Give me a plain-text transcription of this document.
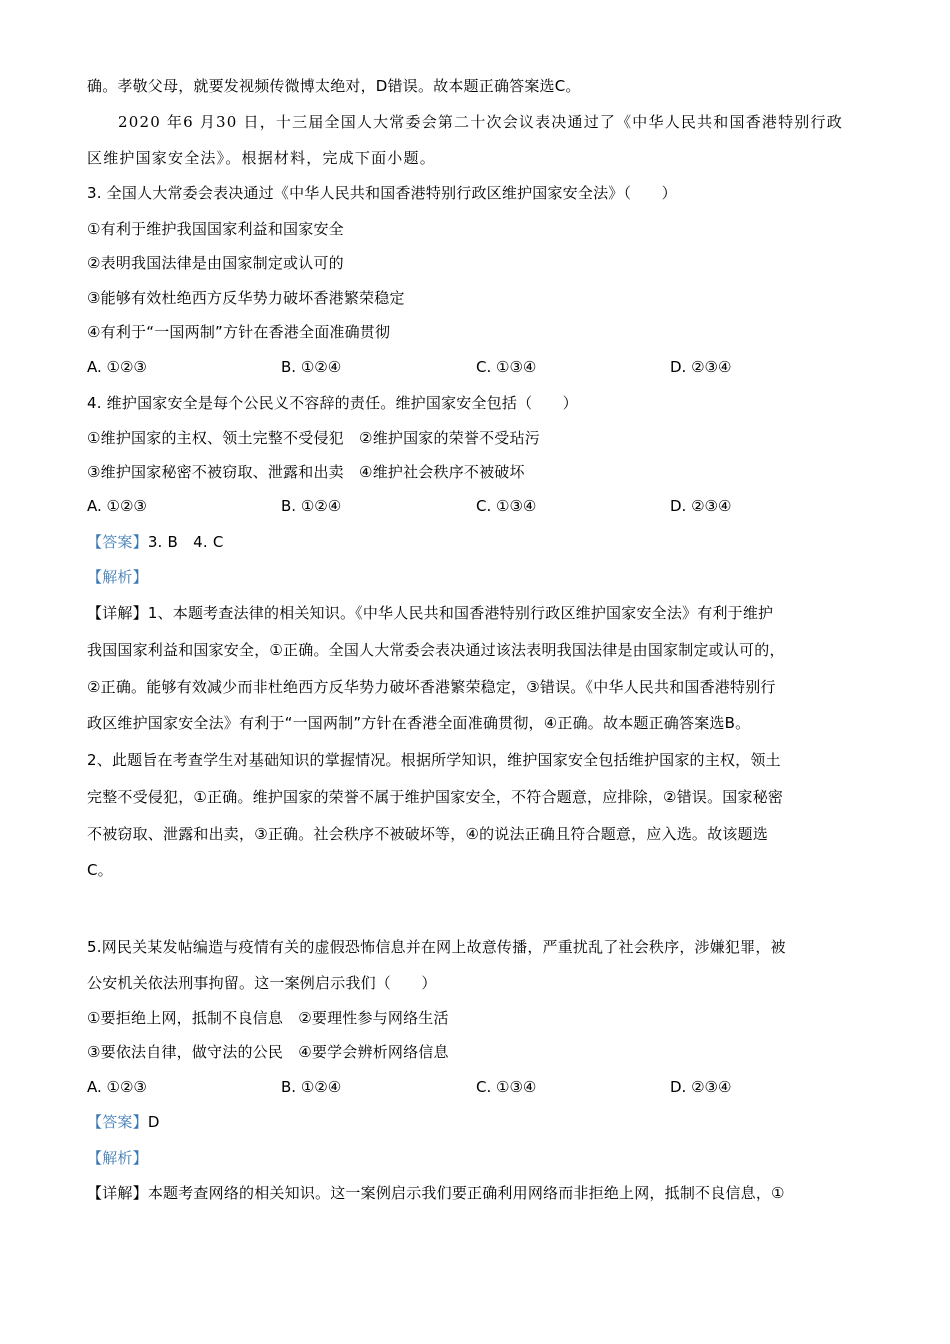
确。孝敬父母，就要发视频传微博太绝对，D错误。故本题正确答案选C。
2020 年6 月30 日，十三届全国人大常委会第二十次会议表决通过了《中华人民共和国香港特别行政
区维护国家安全法》。根据材料，完成下面小题。
3. 全国人大常委会表决通过《中华人民共和国香港特别行政区维护国家安全法》（　　）
①有利于维护我国国家利益和国家安全
②表明我国法律是由国家制定或认可的
③能够有效杜绝西方反华势力破坏香港繁荣稳定
④有利于“一国两制”方针在香港全面准确贯彻
A. ①②③	B. ①②④	C. ①③④	D. ②③④
4. 维护国家安全是每个公民义不容辞的责任。维护国家安全包括（　　）
①维护国家的主权、领土完整不受侵犯　②维护国家的荣誉不受玷污
③维护国家秘密不被窃取、泄露和出卖　④维护社会秩序不被破坏
A. ①②③	B. ①②④	C. ①③④	D. ②③④
【答案】3. B　4. C
【解析】
【详解】1、本题考查法律的相关知识。《中华人民共和国香港特别行政区维护国家安全法》有利于维护
我国国家利益和国家安全，①正确。全国人大常委会表决通过该法表明我国法律是由国家制定或认可的，
②正确。能够有效减少而非杜绝西方反华势力破坏香港繁荣稳定，③错误。《中华人民共和国香港特别行
政区维护国家安全法》有利于“一国两制”方针在香港全面准确贯彻，④正确。故本题正确答案选B。
2、此题旨在考查学生对基础知识的掌握情况。根据所学知识，维护国家安全包括维护国家的主权，领土
完整不受侵犯，①正确。维护国家的荣誉不属于维护国家安全，不符合题意，应排除，②错误。国家秘密
不被窃取、泄露和出卖，③正确。社会秩序不被破坏等，④的说法正确且符合题意，应入选。故该题选
C。
5.网民关某发帖编造与疫情有关的虚假恐怖信息并在网上故意传播，严重扰乱了社会秩序，涉嫌犯罪，被
公安机关依法刑事拘留。这一案例启示我们（　　）
①要拒绝上网，抵制不良信息　②要理性参与网络生活
③要依法自律，做守法的公民　④要学会辨析网络信息
A. ①②③	B. ①②④	C. ①③④	D. ②③④
【答案】D
【解析】
【详解】本题考查网络的相关知识。这一案例启示我们要正确利用网络而非拒绝上网，抵制不良信息，①
